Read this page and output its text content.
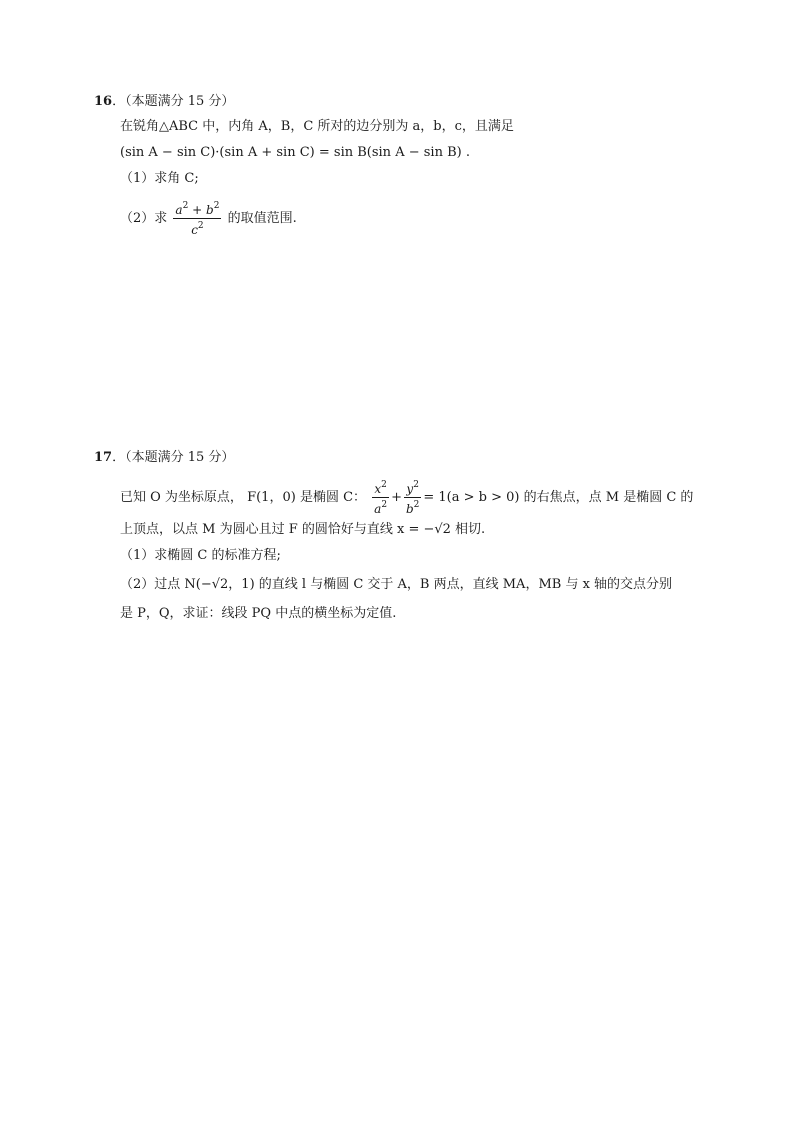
16．（本题满分 15 分）
在锐角△ABC 中，内角 A，B，C 所对的边分别为 a，b，c，且满足
(sin A − sin C)·(sin A + sin C) = sin B(sin A − sin B) .
（1）求角 C;
（2）求 $\frac{a^2 + b^2}{c^2}$ 的取值范围.
17．（本题满分 15 分）
已知 O 为坐标原点， F(1，0) 是椭圆 C： $\frac{x^2}{a^2} + \frac{y^2}{b^2} = 1(a > b > 0)$ 的右焦点，点 M 是椭圆 C 的
上顶点，以点 M 为圆心且过 F 的圆恰好与直线 x = −√2 相切.
（1）求椭圆 C 的标准方程;
（2）过点 N(−√2，1) 的直线 l 与椭圆 C 交于 A，B 两点，直线 MA，MB 与 x 轴的交点分别
是 P，Q，求证：线段 PQ 中点的横坐标为定值.
